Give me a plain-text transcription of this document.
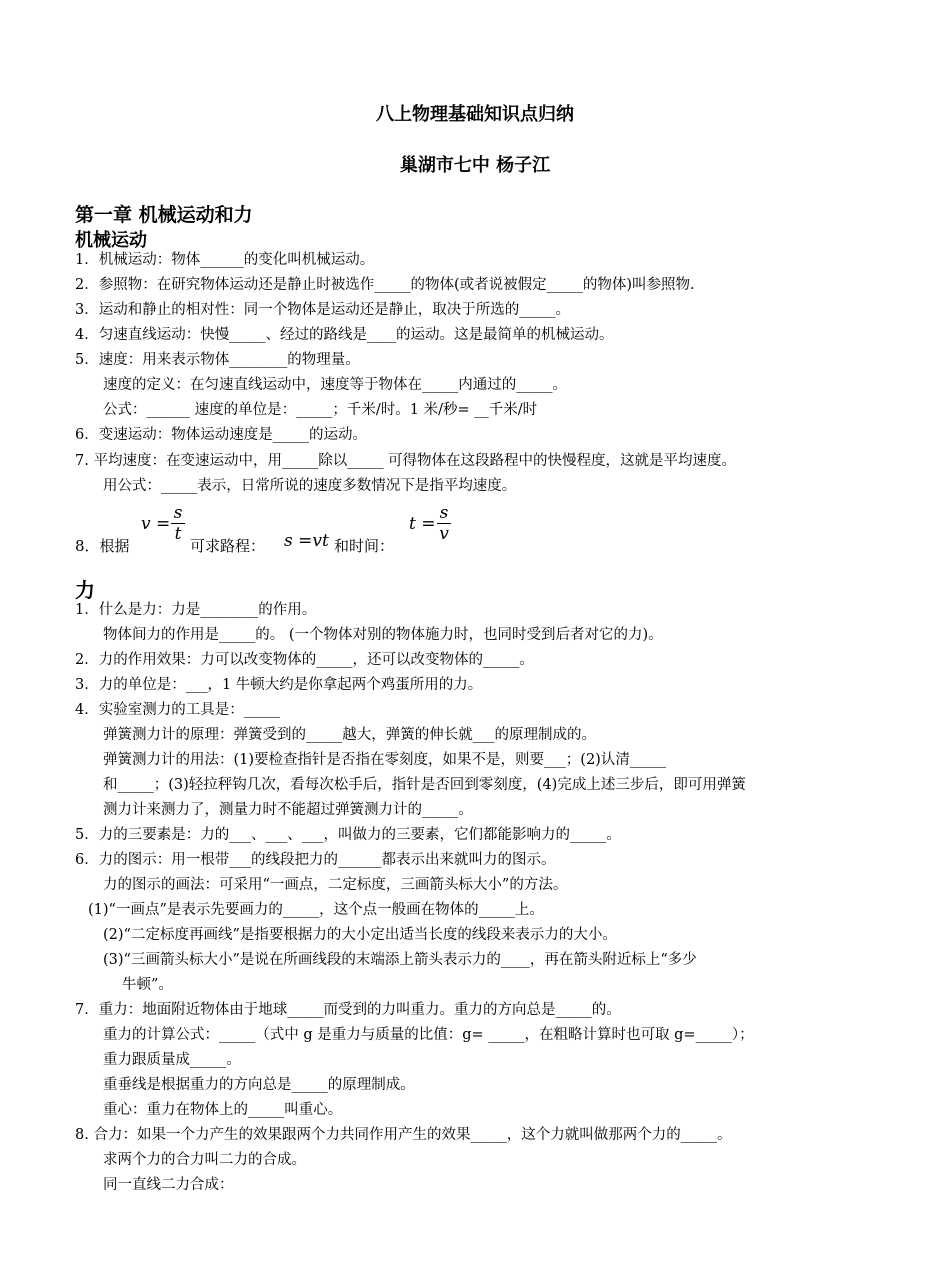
八上物理基础知识点归纳
巢湖市七中 杨子江
第一章 机械运动和力
机械运动
1．机械运动：物体______的变化叫机械运动。
2．参照物：在研究物体运动还是静止时被选作_____的物体(或者说被假定_____的物体)叫参照物.
3．运动和静止的相对性：同一个物体是运动还是静止，取决于所选的_____。
4．匀速直线运动：快慢_____、经过的路线是____的运动。这是最简单的机械运动。
5．速度：用来表示物体________的物理量。
速度的定义：在匀速直线运动中，速度等于物体在_____内通过的_____。
公式：______ 速度的单位是：_____；千米/时。1 米/秒= __千米/时
6．变速运动：物体运动速度是_____的运动。
7. 平均速度：在变速运动中，用_____除以_____ 可得物体在这段路程中的快慢程度，这就是平均速度。
用公式：_____表示，日常所说的速度多数情况下是指平均速度。
8．根据
v =
s
t
可求路程： s =vt 和时间：
t =
s
v
力
1．什么是力：力是________的作用。
物体间力的作用是_____的。 (一个物体对别的物体施力时，也同时受到后者对它的力)。
2．力的作用效果：力可以改变物体的_____，还可以改变物体的_____。
3．力的单位是：___，1 牛顿大约是你拿起两个鸡蛋所用的力。
4．实验室测力的工具是：_____
弹簧测力计的原理：弹簧受到的_____越大，弹簧的伸长就___的原理制成的。
弹簧测力计的用法：(1)要检查指针是否指在零刻度，如果不是，则要___；(2)认清_____
和_____；(3)轻拉秤钩几次，看每次松手后，指针是否回到零刻度，(4)完成上述三步后，即可用弹簧
测力计来测力了，测量力时不能超过弹簧测力计的_____。
5．力的三要素是：力的___、___、___，叫做力的三要素，它们都能影响力的_____。
6．力的图示：用一根带___的线段把力的______都表示出来就叫力的图示。
力的图示的画法：可采用“一画点，二定标度，三画箭头标大小”的方法。
(1)“一画点”是表示先要画力的_____，这个点一般画在物体的_____上。
(2)“二定标度再画线”是指要根据力的大小定出适当长度的线段来表示力的大小。
(3)“三画箭头标大小”是说在所画线段的末端添上箭头表示力的____，再在箭头附近标上“多少
牛顿”。
7．重力：地面附近物体由于地球_____而受到的力叫重力。重力的方向总是_____的。
重力的计算公式：_____（式中 g 是重力与质量的比值：g= _____，在粗略计算时也可取 g=_____）；
重力跟质量成_____。
重垂线是根据重力的方向总是_____的原理制成。
重心：重力在物体上的_____叫重心。
8. 合力：如果一个力产生的效果跟两个力共同作用产生的效果_____，这个力就叫做那两个力的_____。
求两个力的合力叫二力的合成。
同一直线二力合成：
